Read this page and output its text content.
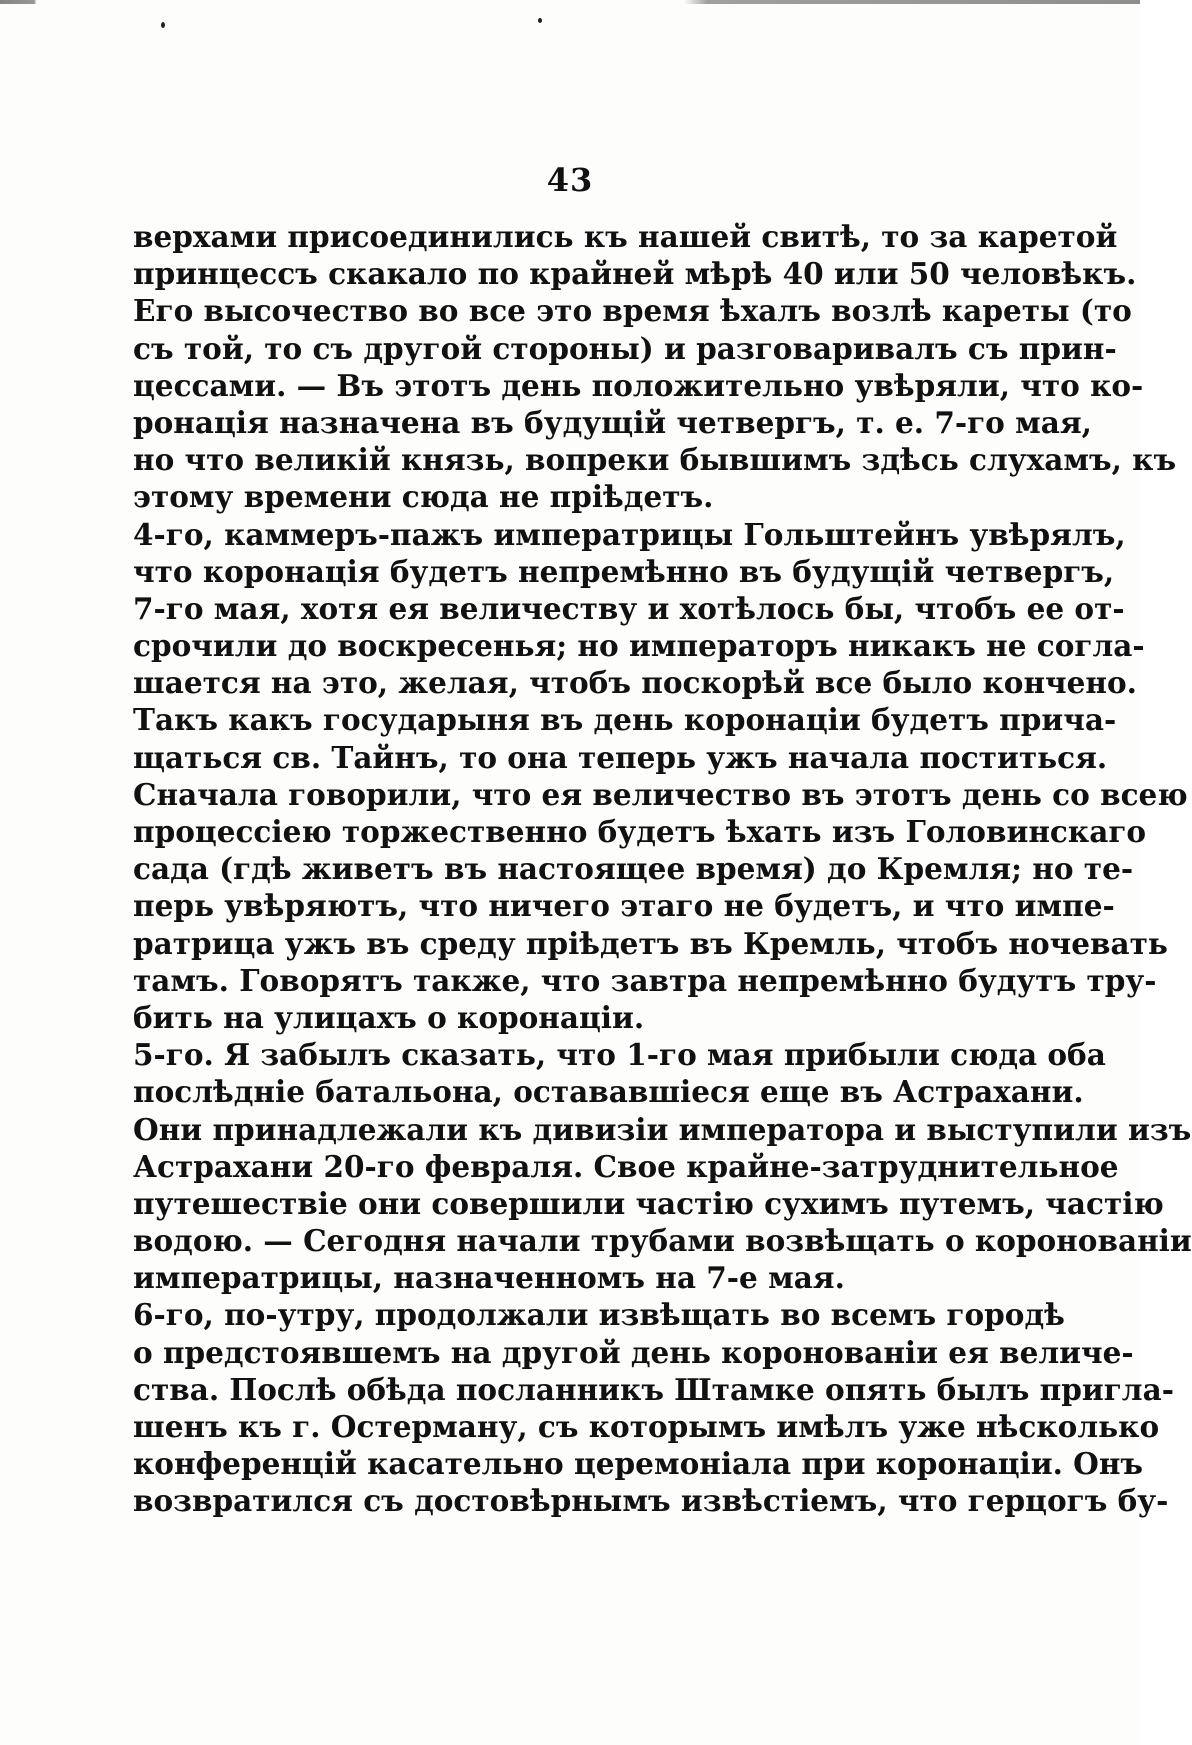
43
верхами присоединились къ нашей свитѣ, то за каретой
принцессъ скакало по крайней мѣрѣ 40 или 50 человѣкъ.
Его высочество во все это время ѣхалъ возлѣ кареты (то
съ той, то съ другой стороны) и разговаривалъ съ прин-
цессами. — Въ этотъ день положительно увѣряли, что ко-
ронація назначена въ будущій четвергъ, т. е. 7-го мая,
но что великій князь, вопреки бывшимъ здѣсь слухамъ, къ
этому времени сюда не пріѣдетъ.
4-го, каммеръ-пажъ императрицы Гольштейнъ увѣрялъ,
что коронація будетъ непремѣнно въ будущій четвергъ,
7-го мая, хотя ея величеству и хотѣлось бы, чтобъ ее от-
срочили до воскресенья; но императоръ никакъ не согла-
шается на это, желая, чтобъ поскорѣй все было кончено.
Такъ какъ государыня въ день коронаціи будетъ прича-
щаться св. Тайнъ, то она теперь ужъ начала поститься.
Сначала говорили, что ея величество въ этотъ день со всею
процессіею торжественно будетъ ѣхать изъ Головинскаго
сада (гдѣ живетъ въ настоящее время) до Кремля; но те-
перь увѣряютъ, что ничего этаго не будетъ, и что импе-
ратрица ужъ въ среду пріѣдетъ въ Кремль, чтобъ ночевать
тамъ. Говорятъ также, что завтра непремѣнно будутъ тру-
бить на улицахъ о коронаціи.
5-го. Я забылъ сказать, что 1-го мая прибыли сюда оба
послѣдніе батальона, остававшіеся еще въ Астрахани.
Они принадлежали къ дивизіи императора и выступили изъ
Астрахани 20-го февраля. Свое крайне-затруднительное
путешествіе они совершили частію сухимъ путемъ, частію
водою. — Сегодня начали трубами возвѣщать о коронованіи
императрицы, назначенномъ на 7-е мая.
6-го, по-утру, продолжали извѣщать во всемъ городѣ
о предстоявшемъ на другой день коронованіи ея величе-
ства. Послѣ обѣда посланникъ Штамке опять былъ пригла-
шенъ къ г. Остерману, съ которымъ имѣлъ уже нѣсколько
конференцій касательно церемоніала при коронаціи. Онъ
возвратился съ достовѣрнымъ извѣстіемъ, что герцогъ бу-
